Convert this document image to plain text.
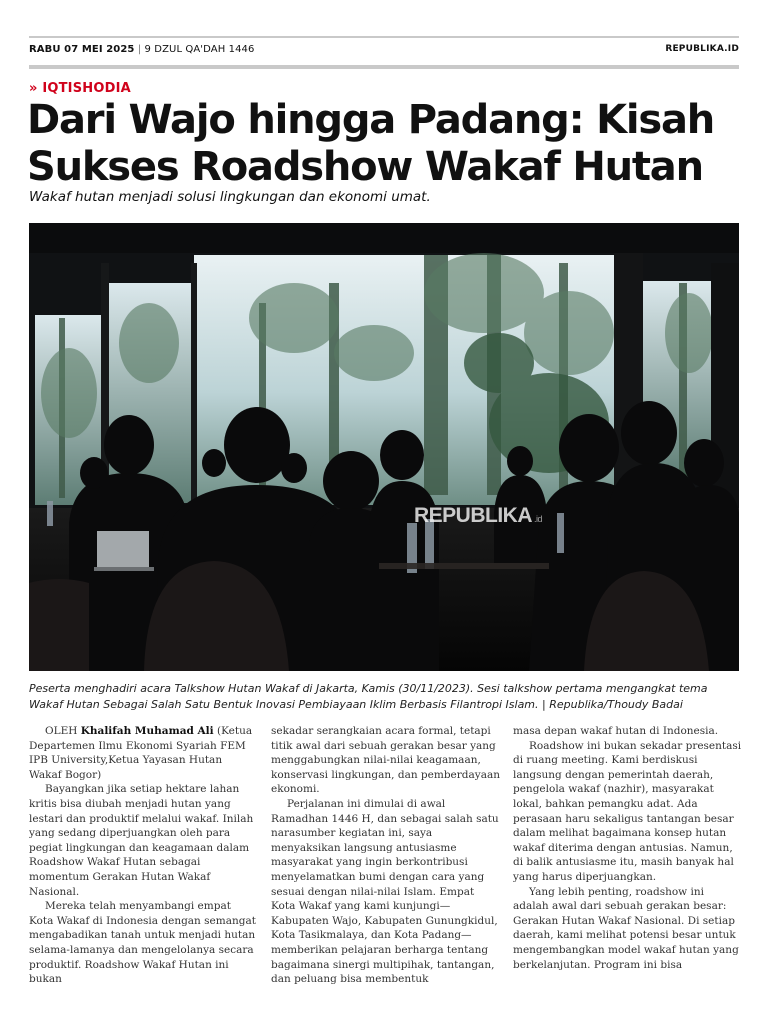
RABU 07 MEI 2025 | 9 DZUL QA'DAH 1446	REPUBLIKA.ID
» IQTISHODIA
Dari Wajo hingga Padang: Kisah Sukses Roadshow Wakaf Hutan
Wakaf hutan menjadi solusi lingkungan dan ekonomi umat.
REPUBLIKA .id
Peserta menghadiri acara Talkshow Hutan Wakaf di Jakarta, Kamis (30/11/2023). Sesi talkshow pertama mengangkat tema Wakaf Hutan Sebagai Salah Satu Bentuk Inovasi Pembiayaan Iklim Berbasis Filantropi Islam. | Republika/Thoudy Badai

OLEH Khalifah Muhamad Ali (Ketua Departemen Ilmu Ekonomi Syariah FEM IPB University,Ketua Yayasan Hutan Wakaf Bogor)

Bayangkan jika setiap hektare lahan kritis bisa diubah menjadi hutan yang lestari dan produktif melalui wakaf. Inilah yang sedang diperjuangkan oleh para pegiat lingkungan dan keagamaan dalam Roadshow Wakaf Hutan sebagai momentum Gerakan Hutan Wakaf Nasional.

Mereka telah menyambangi empat Kota Wakaf di Indonesia dengan semangat mengabadikan tanah untuk menjadi hutan selama-lamanya dan mengelolanya secara produktif. Roadshow Wakaf Hutan ini bukan

sekadar serangkaian acara formal, tetapi titik awal dari sebuah gerakan besar yang menggabungkan nilai-nilai keagamaan, konservasi lingkungan, dan pemberdayaan ekonomi.

Perjalanan ini dimulai di awal Ramadhan 1446 H, dan sebagai salah satu narasumber kegiatan ini, saya menyaksikan langsung antusiasme masyarakat yang ingin berkontribusi menyelamatkan bumi dengan cara yang sesuai dengan nilai-nilai Islam. Empat Kota Wakaf yang kami kunjungi—Kabupaten Wajo, Kabupaten Gunungkidul, Kota Tasikmalaya, dan Kota Padang—memberikan pelajaran berharga tentang bagaimana sinergi multipihak, tantangan, dan peluang bisa membentuk

masa depan wakaf hutan di Indonesia.

Roadshow ini bukan sekadar presentasi di ruang meeting. Kami berdiskusi langsung dengan pemerintah daerah, pengelola wakaf (nazhir), masyarakat lokal, bahkan pemangku adat. Ada perasaan haru sekaligus tantangan besar dalam melihat bagaimana konsep hutan wakaf diterima dengan antusias. Namun, di balik antusiasme itu, masih banyak hal yang harus diperjuangkan.

Yang lebih penting, roadshow ini adalah awal dari sebuah gerakan besar: Gerakan Hutan Wakaf Nasional. Di setiap daerah, kami melihat potensi besar untuk mengembangkan model wakaf hutan yang berkelanjutan. Program ini bisa
